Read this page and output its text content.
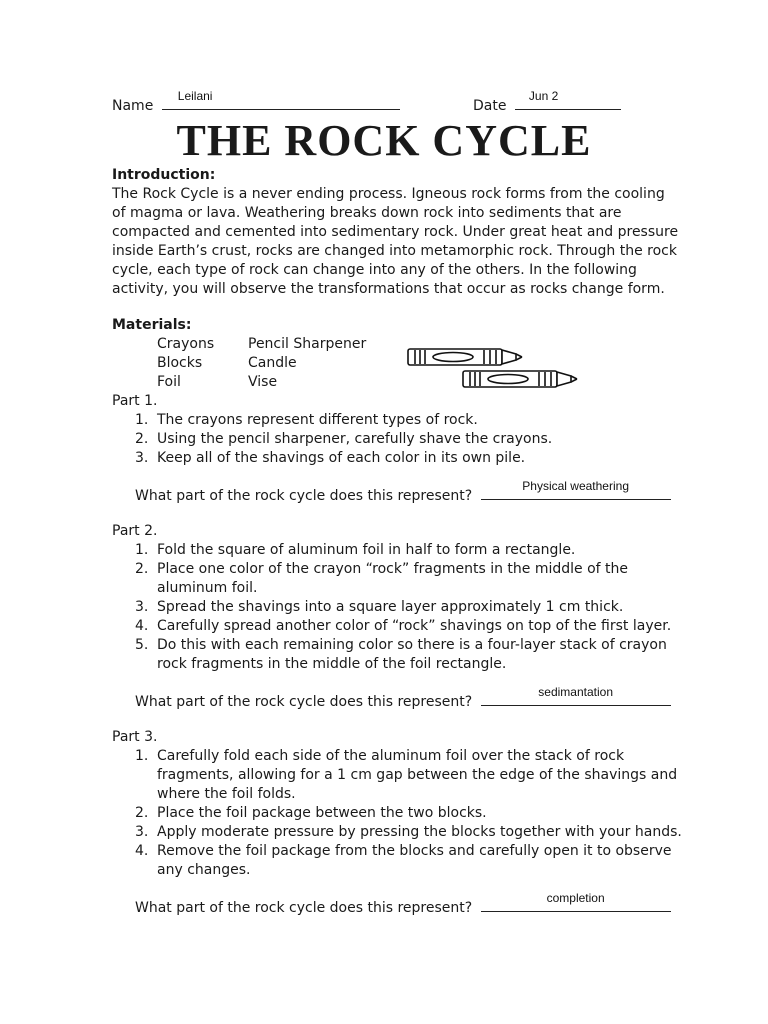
Name
Leilani
Date
Jun 2
THE ROCK CYCLE
Introduction:
The Rock Cycle is a never ending process. Igneous rock forms from the cooling
of magma or lava. Weathering breaks down rock into sediments that are
compacted and cemented into sedimentary rock. Under great heat and pressure
inside Earth’s crust, rocks are changed into metamorphic rock. Through the rock
cycle, each type of rock can change into any of the others. In the following
activity, you will observe the transformations that occur as rocks change form.
Materials:
Crayons
Blocks
Foil
Pencil Sharpener
Candle
Vise
Part 1.
1. The crayons represent different types of rock.
2. Using the pencil sharpener, carefully shave the crayons.
3. Keep all of the shavings of each color in its own pile.
What part of the rock cycle does this represent?
Physical weathering
Part 2.
1. Fold the square of aluminum foil in half to form a rectangle.
2. Place one color of the crayon “rock” fragments in the middle of the
aluminum foil.
3. Spread the shavings into a square layer approximately 1 cm thick.
4. Carefully spread another color of “rock” shavings on top of the first layer.
5. Do this with each remaining color so there is a four-layer stack of crayon
rock fragments in the middle of the foil rectangle.
What part of the rock cycle does this represent?
sedimantation
Part 3.
1. Carefully fold each side of the aluminum foil over the stack of rock
fragments, allowing for a 1 cm gap between the edge of the shavings and
where the foil folds.
2. Place the foil package between the two blocks.
3. Apply moderate pressure by pressing the blocks together with your hands.
4. Remove the foil package from the blocks and carefully open it to observe
any changes.
What part of the rock cycle does this represent?
completion
